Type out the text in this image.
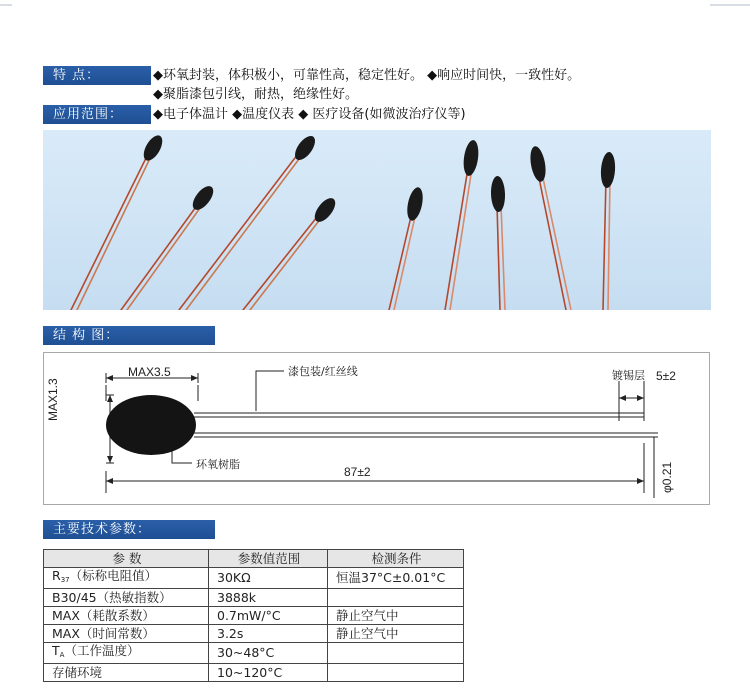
特 点：	◆环氧封装，体积极小，可靠性高，稳定性好。 ◆响应时间快，一致性好。
◆聚脂漆包引线，耐热，绝缘性好。
应用范围：	◆电子体温计 ◆温度仪表 ◆ 医疗设备(如微波治疗仪等)
结 构 图：
MAX3.5
MAX1.3
漆包装/红丝线	镀锡层 5±2
环氧树脂
87±2	φ0.21
主要技术参数：
参 数	参数值范围	检测条件
$R_{37}$（标称电阻值）	30KΩ	恒温37°C±0.01°C
B30/45（热敏指数）	3888k	
MAX（耗散系数）	0.7mW/°C	静止空气中
MAX（时间常数）	3.2s	静止空气中
$T_A$（工作温度）	30~48°C	
存储环境	10~120°C	
